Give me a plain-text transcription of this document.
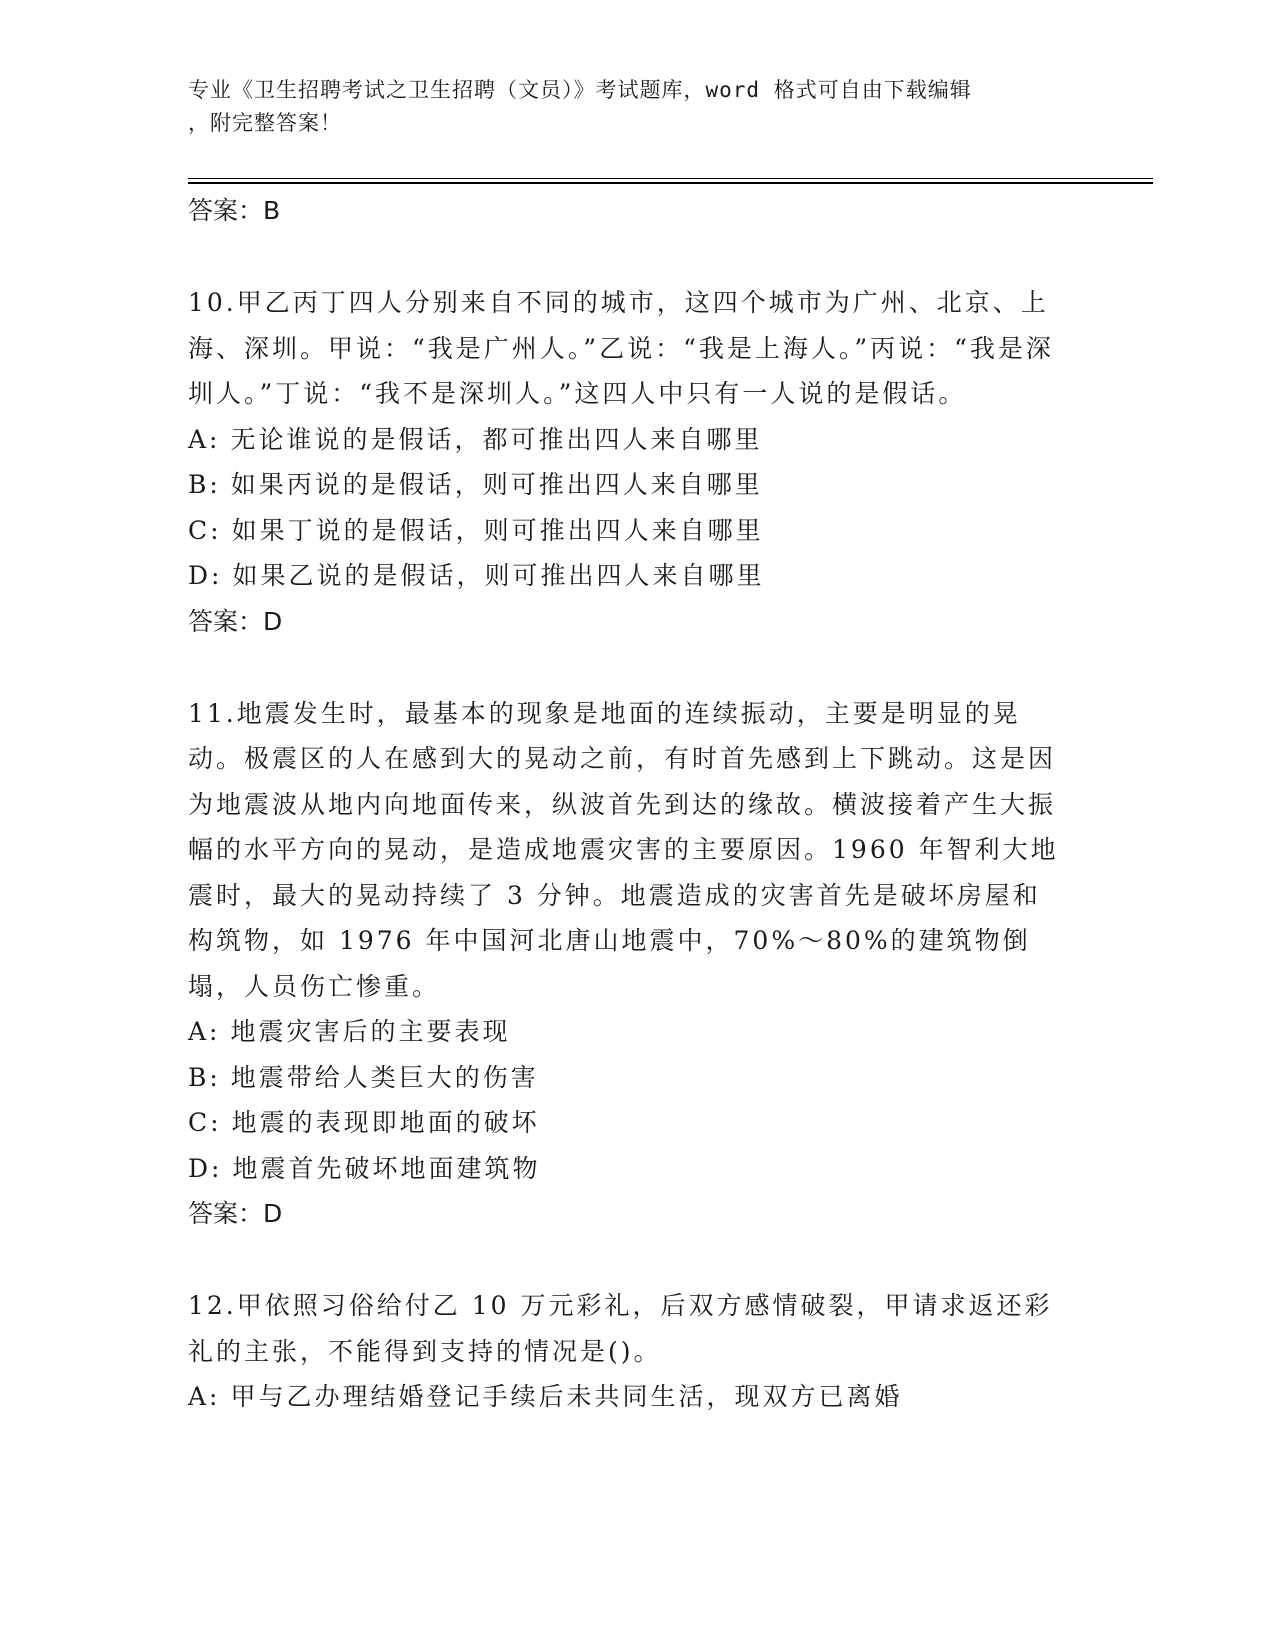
专业《卫生招聘考试之卫生招聘（文员）》考试题库，word 格式可自由下载编辑
，附完整答案！
答案：B
10.甲乙丙丁四人分别来自不同的城市，这四个城市为广州、北京、上海、深圳。甲说：“我是广州人。”乙说：“我是上海人。”丙说：“我是深圳人。”丁说：“我不是深圳人。”这四人中只有一人说的是假话。
A: 无论谁说的是假话，都可推出四人来自哪里
B: 如果丙说的是假话，则可推出四人来自哪里
C: 如果丁说的是假话，则可推出四人来自哪里
D: 如果乙说的是假话，则可推出四人来自哪里
答案：D
11.地震发生时，最基本的现象是地面的连续振动，主要是明显的晃动。极震区的人在感到大的晃动之前，有时首先感到上下跳动。这是因为地震波从地内向地面传来，纵波首先到达的缘故。横波接着产生大振幅的水平方向的晃动，是造成地震灾害的主要原因。1960 年智利大地震时，最大的晃动持续了 3 分钟。地震造成的灾害首先是破坏房屋和构筑物，如 1976 年中国河北唐山地震中，70%～80%的建筑物倒塌，人员伤亡惨重。
A: 地震灾害后的主要表现
B: 地震带给人类巨大的伤害
C: 地震的表现即地面的破坏
D: 地震首先破坏地面建筑物
答案：D
12.甲依照习俗给付乙 10 万元彩礼，后双方感情破裂，甲请求返还彩礼的主张，不能得到支持的情况是()。
A: 甲与乙办理结婚登记手续后未共同生活，现双方已离婚
